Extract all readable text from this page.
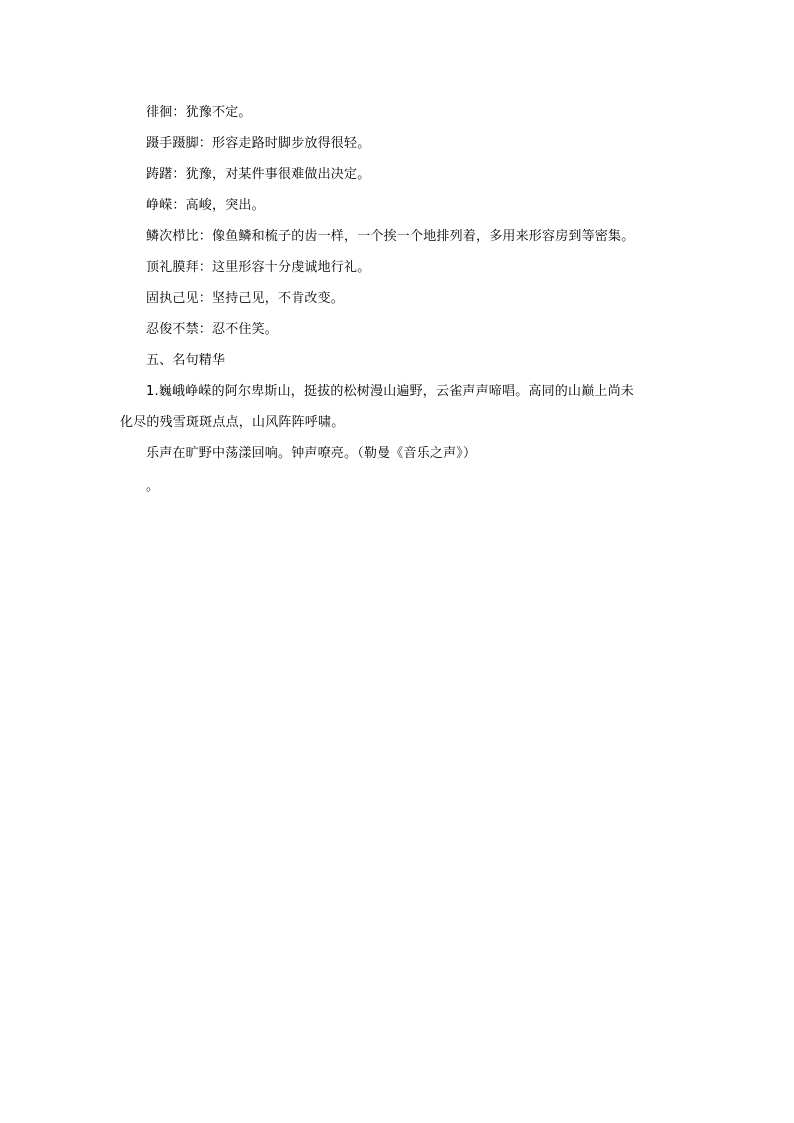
徘徊：犹豫不定。
蹑手蹑脚：形容走路时脚步放得很轻。
踌躇：犹豫，对某件事很难做出决定。
峥嵘：高峻，突出。
鳞次栉比：像鱼鳞和梳子的齿一样，一个挨一个地排列着，多用来形容房到等密集。
顶礼膜拜：这里形容十分虔诚地行礼。
固执己见：坚持己见，不肯改变。
忍俊不禁：忍不住笑。
五、名句精华
1.巍峨峥嵘的阿尔卑斯山，挺拔的松树漫山遍野，云雀声声啼唱。高同的山巅上尚未
化尽的残雪斑斑点点，山风阵阵呼啸。
乐声在旷野中荡漾回响。钟声嘹亮。（勒曼《音乐之声》）
。
